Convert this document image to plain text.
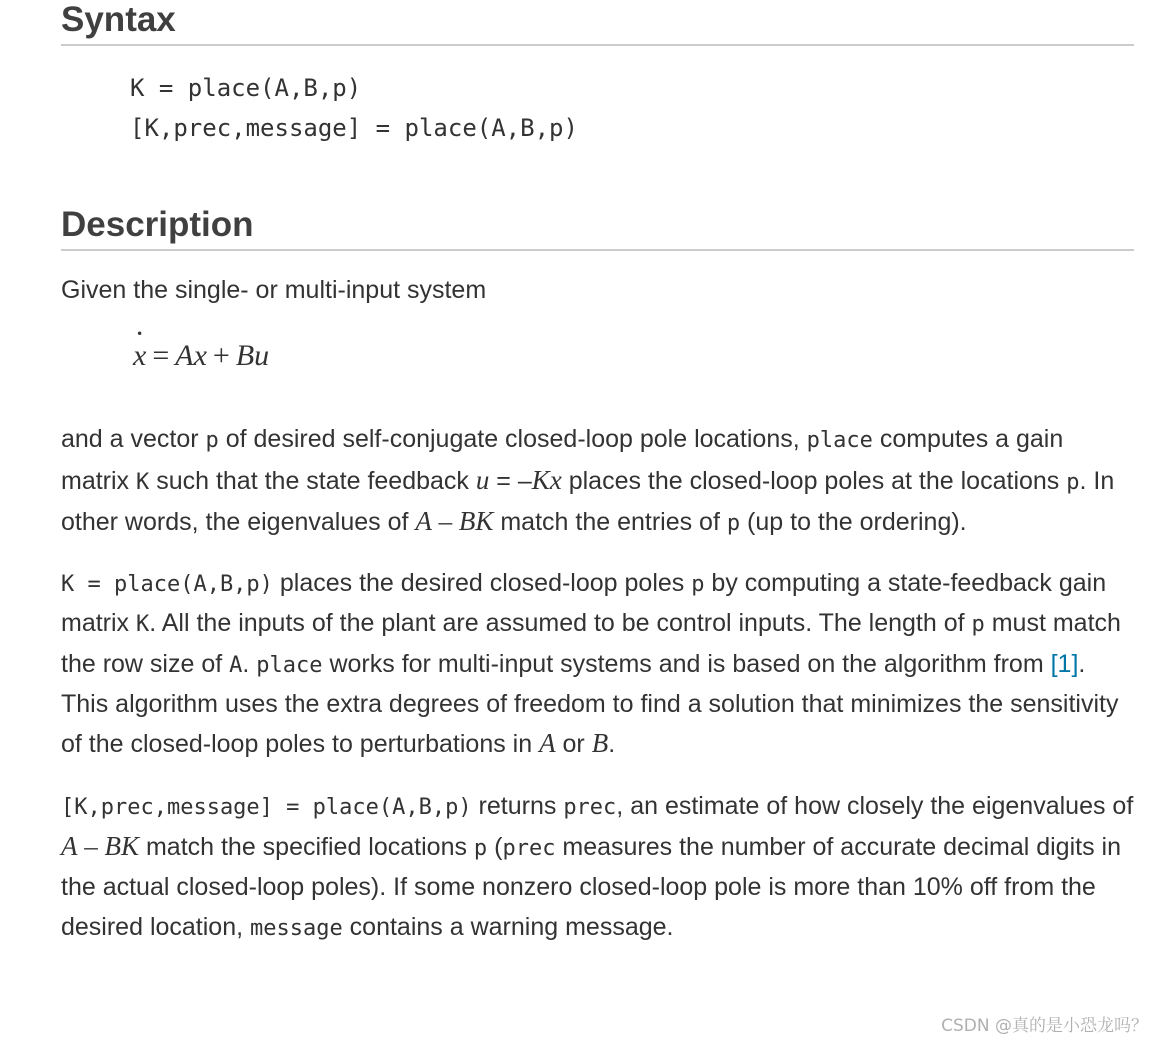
Syntax
K = place(A,B,p)
[K,prec,message] = place(A,B,p)
Description

Given the single- or multi-input system

· x = Ax + Bu

and a vector p of desired self-conjugate closed-loop pole locations, place computes a gain matrix K such that the state feedback u = –Kx places the closed-loop poles at the locations p. In other words, the eigenvalues of A – BK match the entries of p (up to the ordering).

K = place(A,B,p) places the desired closed-loop poles p by computing a state-feedback gain matrix K. All the inputs of the plant are assumed to be control inputs. The length of p must match the row size of A. place works for multi-input systems and is based on the algorithm from [1]. This algorithm uses the extra degrees of freedom to find a solution that minimizes the sensitivity of the closed-loop poles to perturbations in A or B.

[K,prec,message] = place(A,B,p) returns prec, an estimate of how closely the eigenvalues of A – BK match the specified locations p (prec measures the number of accurate decimal digits in the actual closed-loop poles). If some nonzero closed-loop pole is more than 10% off from the desired location, message contains a warning message.

CSDN @真的是小恐龙吗？
